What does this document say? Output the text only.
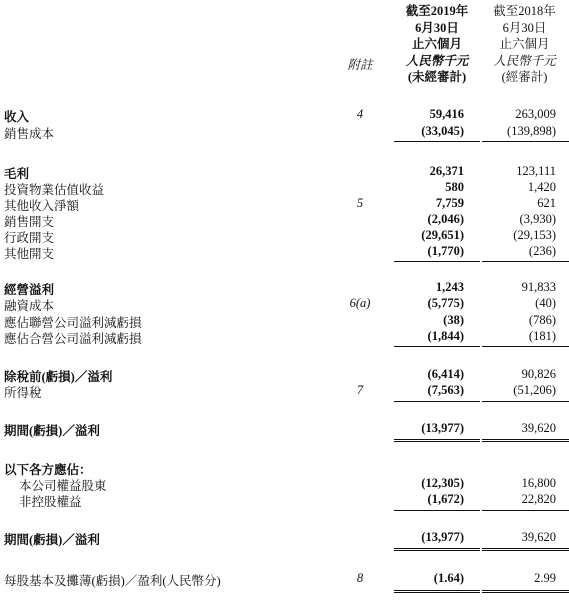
截至2019年
6月30日
止六個月
人民幣千元
(未經審計)
截至2018年
6月30日
止六個月
人民幣千元
(經審計)
附註
收入	4	59,416	263,009
銷售成本	(33,045)	(139,898)
毛利	26,371	123,111
投資物業估值收益	580	1,420
其他收入淨額	5	7,759	621
銷售開支	(2,046)	(3,930)
行政開支	(29,651)	(29,153)
其他開支	(1,770)	(236)
經營溢利	1,243	91,833
融資成本	6(a)	(5,775)	(40)
應佔聯營公司溢利減虧損	(38)	(786)
應佔合營公司溢利減虧損	(1,844)	(181)
除稅前(虧損)／溢利	(6,414)	90,826
所得稅	7	(7,563)	(51,206)
期間(虧損)／溢利	(13,977)	39,620
以下各方應佔：
本公司權益股東	(12,305)	16,800
非控股權益	(1,672)	22,820
期間(虧損)／溢利	(13,977)	39,620
每股基本及攤薄(虧損)／盈利(人民幣分)	8	(1.64)	2.99
